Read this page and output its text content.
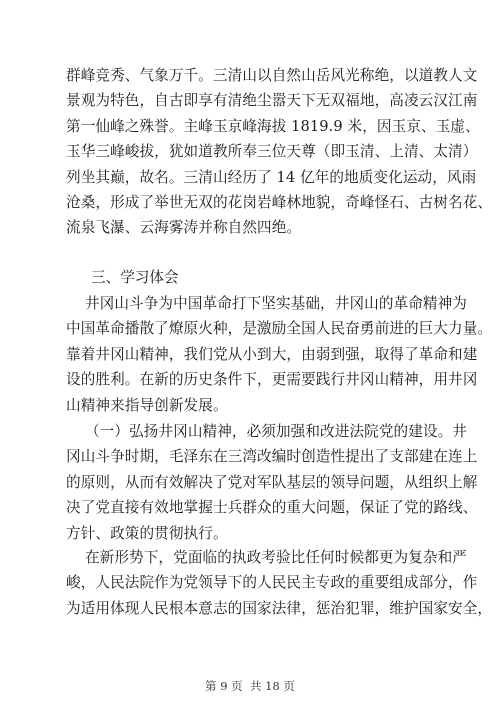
群峰竞秀、气象万千。三清山以自然山岳风光称绝，以道教人文
景观为特色，自古即享有清绝尘嚣天下无双福地，高凌云汉江南
第一仙峰之殊誉。主峰玉京峰海拔 1819.9 米，因玉京、玉虚、
玉华三峰峻拔，犹如道教所奉三位天尊（即玉清、上清、太清）
列坐其巅，故名。三清山经历了 14 亿年的地质变化运动，风雨
沧桑，形成了举世无双的花岗岩峰林地貌，奇峰怪石、古树名花、
流泉飞瀑、云海雾涛并称自然四绝。
三、学习体会
井冈山斗争为中国革命打下坚实基础，井冈山的革命精神为
中国革命播散了燎原火种，是激励全国人民奋勇前进的巨大力量。
靠着井冈山精神，我们党从小到大，由弱到强，取得了革命和建
设的胜利。在新的历史条件下，更需要践行井冈山精神，用井冈
山精神来指导创新发展。
（一）弘扬井冈山精神，必须加强和改进法院党的建设。井
冈山斗争时期，毛泽东在三湾改编时创造性提出了支部建在连上
的原则，从而有效解决了党对军队基层的领导问题，从组织上解
决了党直接有效地掌握士兵群众的重大问题，保证了党的路线、
方针、政策的贯彻执行。
在新形势下，党面临的执政考验比任何时候都更为复杂和严
峻，人民法院作为党领导下的人民民主专政的重要组成部分，作
为适用体现人民根本意志的国家法律，惩治犯罪，维护国家安全，
第 9 页  共 18 页
